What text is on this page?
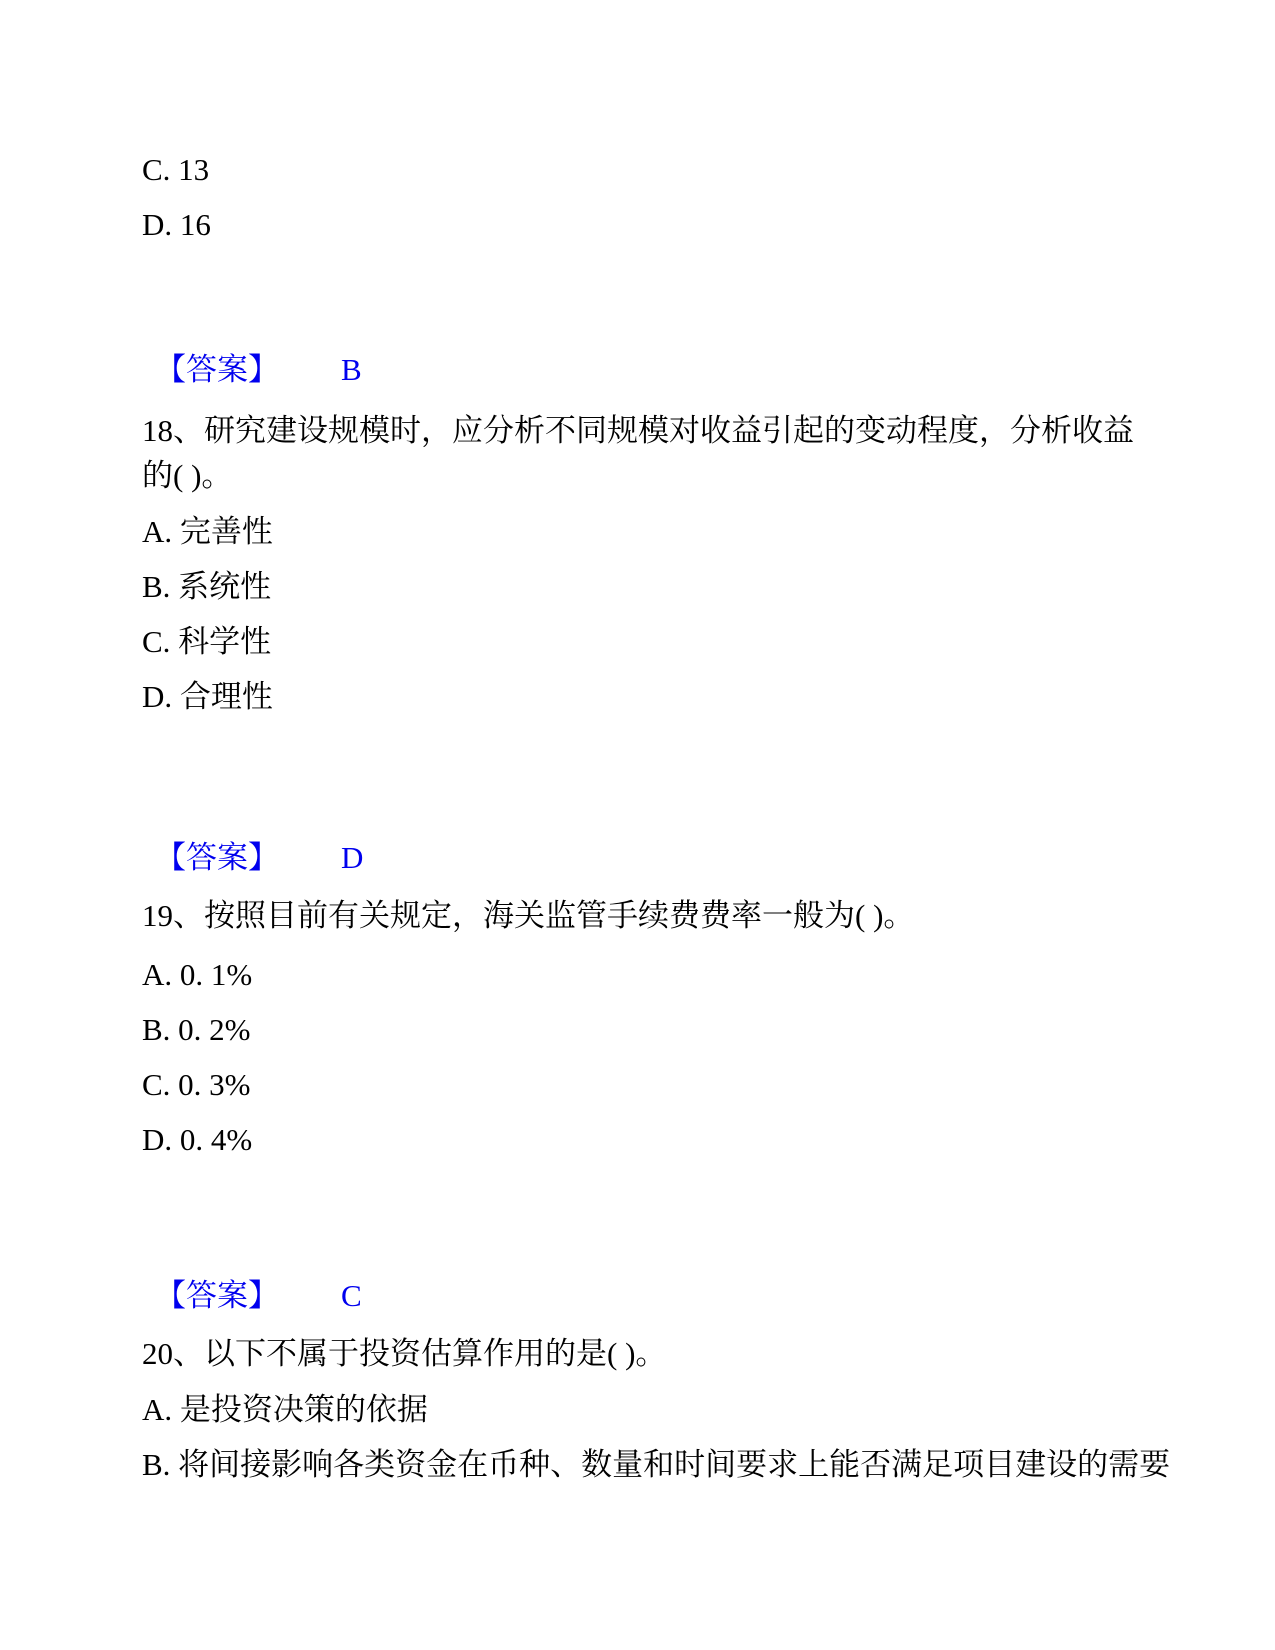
C. 13
D. 16
【答案】 B
18、研究建设规模时，应分析不同规模对收益引起的变动程度，分析收益的( )。
A. 完善性
B. 系统性
C. 科学性
D. 合理性
【答案】 D
19、按照目前有关规定，海关监管手续费费率一般为( )。
A. 0. 1%
B. 0. 2%
C. 0. 3%
D. 0. 4%
【答案】 C
20、以下不属于投资估算作用的是( )。
A. 是投资决策的依据
B. 将间接影响各类资金在币种、数量和时间要求上能否满足项目建设的需要
